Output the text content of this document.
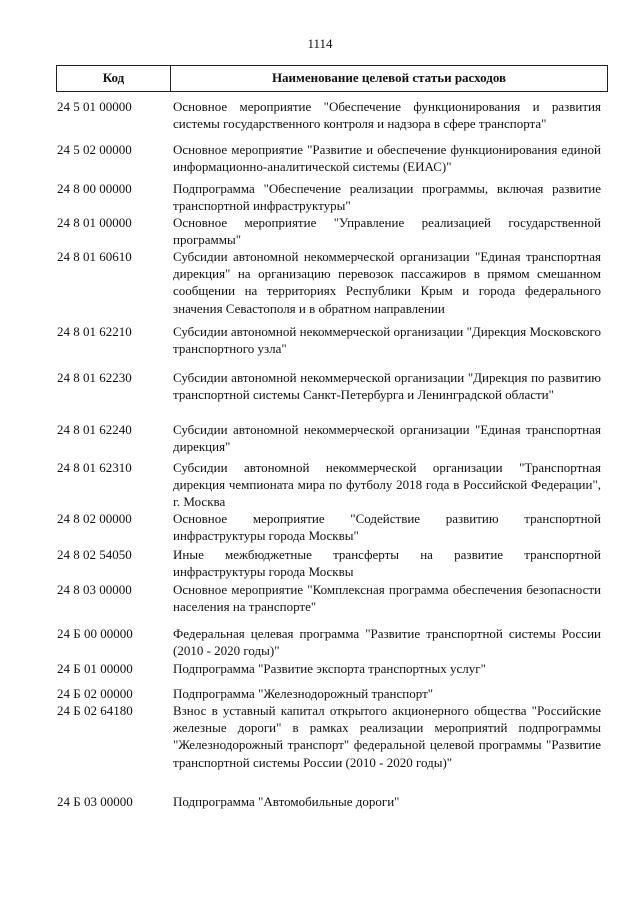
1114
Код	Наименование целевой статьи расходов
24 5 01 00000	Основное мероприятие "Обеспечение функционирования и развития системы государственного контроля и надзора в сфере транспорта"
24 5 02 00000	Основное мероприятие "Развитие и обеспечение функционирования единой информационно-аналитической системы (ЕИАС)"
24 8 00 00000	Подпрограмма "Обеспечение реализации программы, включая развитие транспортной инфраструктуры"
24 8 01 00000	Основное мероприятие "Управление реализацией государственной программы"
24 8 01 60610	Субсидии автономной некоммерческой организации "Единая транспортная дирекция" на организацию перевозок пассажиров в прямом смешанном сообщении на территориях Республики Крым и города федерального значения Севастополя и в обратном направлении
24 8 01 62210	Субсидии автономной некоммерческой организации "Дирекция Московского транспортного узла"
24 8 01 62230	Субсидии автономной некоммерческой организации "Дирекция по развитию транспортной системы Санкт-Петербурга и Ленинградской области"
24 8 01 62240	Субсидии автономной некоммерческой организации "Единая транспортная дирекция"
24 8 01 62310	Субсидии автономной некоммерческой организации "Транспортная дирекция чемпионата мира по футболу 2018 года в Российской Федерации", г. Москва
24 8 02 00000	Основное мероприятие "Содействие развитию транспортной инфраструктуры города Москвы"
24 8 02 54050	Иные межбюджетные трансферты на развитие транспортной инфраструктуры города Москвы
24 8 03 00000	Основное мероприятие "Комплексная программа обеспечения безопасности населения на транспорте"
24 Б 00 00000	Федеральная целевая программа "Развитие транспортной системы России (2010 - 2020 годы)"
24 Б 01 00000	Подпрограмма "Развитие экспорта транспортных услуг"
24 Б 02 00000	Подпрограмма "Железнодорожный транспорт"
24 Б 02 64180	Взнос в уставный капитал открытого акционерного общества "Российские железные дороги" в рамках реализации мероприятий подпрограммы "Железнодорожный транспорт" федеральной целевой программы "Развитие транспортной системы России (2010 - 2020 годы)"
24 Б 03 00000	Подпрограмма "Автомобильные дороги"
